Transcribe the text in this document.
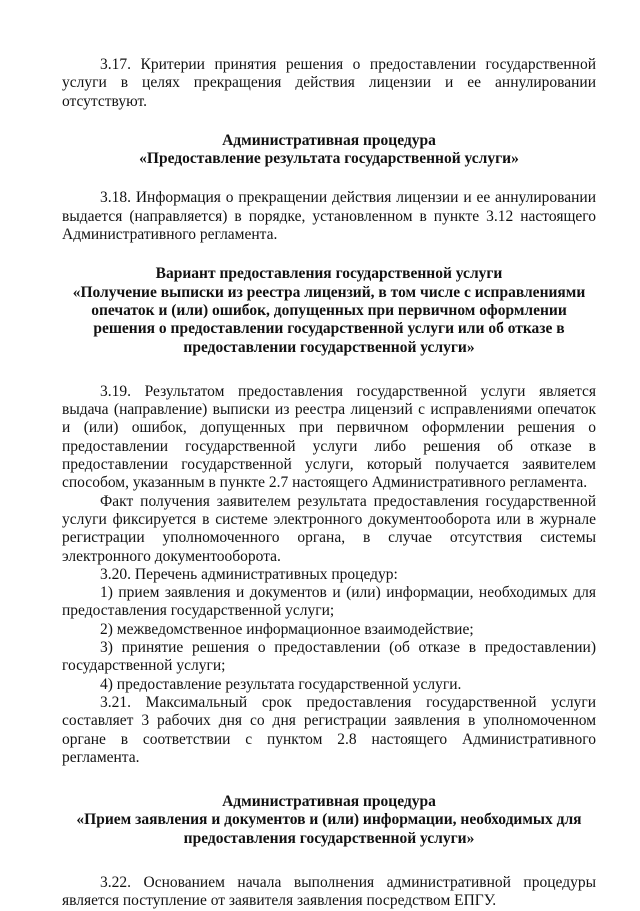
3.17. Критерии принятия решения о предоставлении государственной услуги в целях прекращения действия лицензии и ее аннулировании отсутствуют.

Административная процедура

«Предоставление результата государственной услуги»

3.18. Информация о прекращении действия лицензии и ее аннулировании выдается (направляется) в порядке, установленном в пункте 3.12 настоящего Административного регламента.

Вариант предоставления государственной услуги

«Получение выписки из реестра лицензий, в том числе с исправлениями опечаток и (или) ошибок, допущенных при первичном оформлении решения о предоставлении государственной услуги или об отказе в предоставлении государственной услуги»

3.19. Результатом предоставления государственной услуги является выдача (направление) выписки из реестра лицензий с исправлениями опечаток и (или) ошибок, допущенных при первичном оформлении решения о предоставлении государственной услуги либо решения об отказе в предоставлении государственной услуги, который получается заявителем способом, указанным в пункте 2.7 настоящего Административного регламента.

Факт получения заявителем результата предоставления государственной услуги фиксируется в системе электронного документооборота или в журнале регистрации уполномоченного органа, в случае отсутствия системы электронного документооборота.

3.20. Перечень административных процедур:

1) прием заявления и документов и (или) информации, необходимых для предоставления государственной услуги;

2) межведомственное информационное взаимодействие;

3) принятие решения о предоставлении (об отказе в предоставлении) государственной услуги;

4) предоставление результата государственной услуги.

3.21. Максимальный срок предоставления государственной услуги составляет 3 рабочих дня со дня регистрации заявления в уполномоченном органе в соответствии с пунктом 2.8 настоящего Административного регламента.

Административная процедура

«Прием заявления и документов и (или) информации, необходимых для предоставления государственной услуги»

3.22. Основанием начала выполнения административной процедуры является поступление от заявителя заявления посредством ЕПГУ.
